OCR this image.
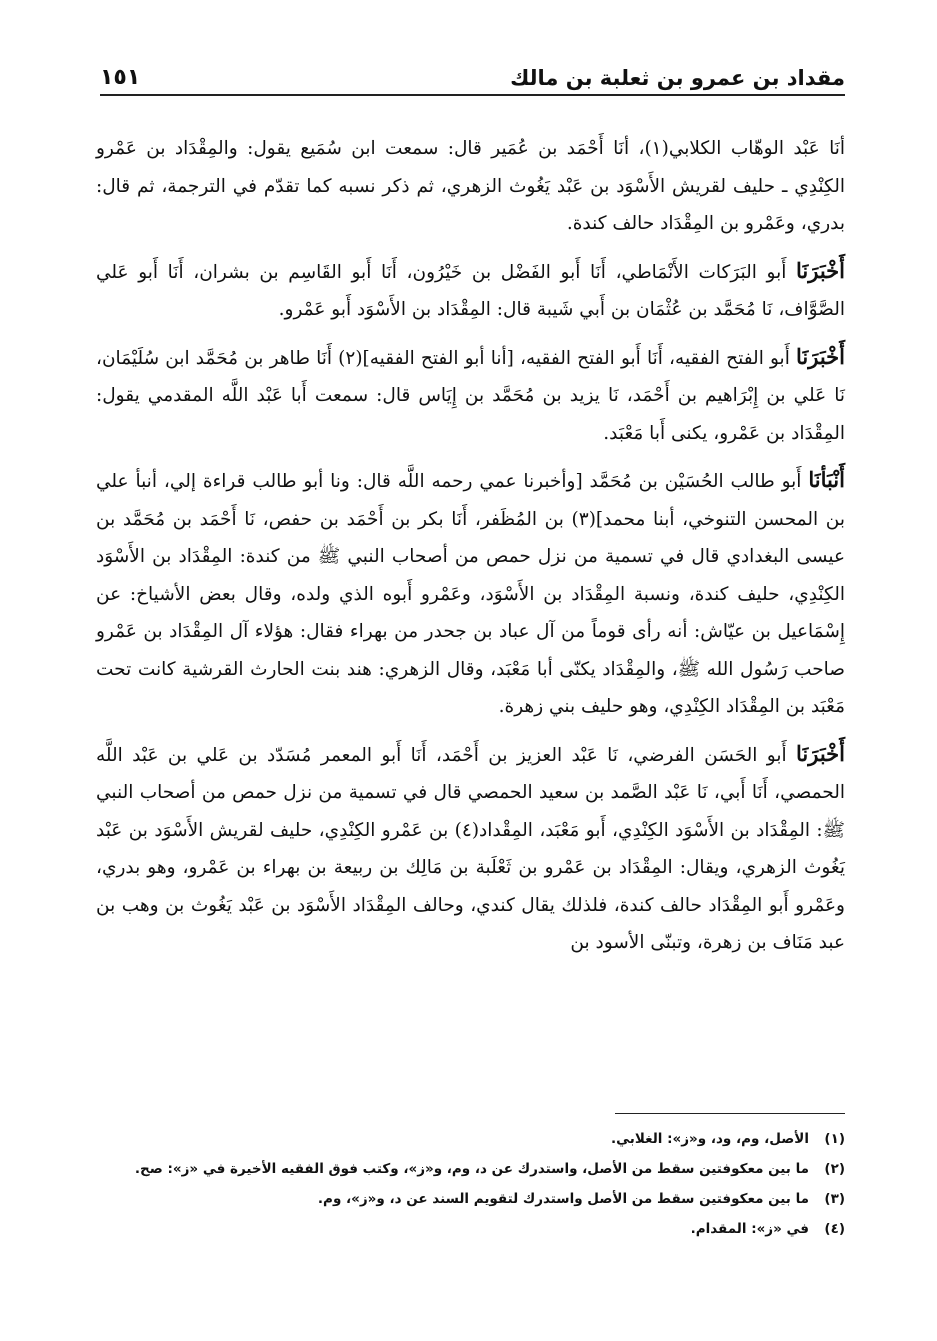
مقداد بن عمرو بن ثعلبة بن مالك
١٥١

أنَا عَبْد الوهّاب الكلابي(١)، أنَا أَحْمَد بن عُمَير قال: سمعت ابن سُمَيع يقول: والمِقْدَاد بن عَمْرو الكِنْدِي ـ حليف لقريش الأَسْوَد بن عَبْد يَغُوث الزهري، ثم ذكر نسبه كما تقدّم في الترجمة، ثم قال: بدري، وعَمْرو بن المِقْدَاد حالف كندة.

أَخْبَرَنَا أَبو البَرَكات الأَنْمَاطي، أَنَا أَبو الفَضْل بن خَيْرُون، أَنَا أَبو القَاسِم بن بشران، أَنَا أَبو عَلي الصَّوَّاف، نَا مُحَمَّد بن عُثْمَان بن أَبي شَيبة قال: المِقْدَاد بن الأَسْوَد أَبو عَمْرو.

أَخْبَرَنَا أَبو الفتح الفقيه، أَنَا أَبو الفتح الفقيه، [أنا أبو الفتح الفقيه](٢) أَنَا طاهر بن مُحَمَّد ابن سُلَيْمَان، نَا عَلي بن إِبْرَاهيم بن أَحْمَد، نَا يزيد بن مُحَمَّد بن إِيَاس قال: سمعت أَبا عَبْد اللَّه المقدمي يقول: المِقْدَاد بن عَمْرو، يكنى أَبا مَعْبَد.

أَنْبَأنَا أَبو طالب الحُسَيْن بن مُحَمَّد [وأخبرنا عمي رحمه اللَّه قال: ونا أبو طالب قراءة إلي، أنبأ علي بن المحسن التنوخي، أبنا محمد](٣) بن المُظَفر، أَنَا بكر بن أَحْمَد بن حفص، نَا أَحْمَد بن مُحَمَّد بن عيسى البغدادي قال في تسمية من نزل حمص من أصحاب النبي ﷺ من كندة: المِقْدَاد بن الأَسْوَد الكِنْدِي، حليف كندة، ونسبة المِقْدَاد بن الأَسْوَد، وعَمْرو أَبوه الذي ولده، وقال بعض الأشياخ: عن إِسْمَاعيل بن عيّاش: أنه رأى قوماً من آل عباد بن جحدر من بهراء فقال: هؤلاء آل المِقْدَاد بن عَمْرو صاحب رَسُول الله ﷺ، والمِقْدَاد يكنّى أبا مَعْبَد، وقال الزهري: هند بنت الحارث القرشية كانت تحت مَعْبَد بن المِقْدَاد الكِنْدِي، وهو حليف بني زهرة.

أَخْبَرَنَا أَبو الحَسَن الفرضي، نَا عَبْد العزيز بن أَحْمَد، أَنَا أَبو المعمر مُسَدّد بن عَلي بن عَبْد اللَّه الحمصي، أَنَا أَبي، نَا عَبْد الصَّمد بن سعيد الحمصي قال في تسمية من نزل حمص من أصحاب النبي ﷺ: المِقْدَاد بن الأَسْوَد الكِنْدِي، أَبو مَعْبَد، المِقْداد(٤) بن عَمْرو الكِنْدِي، حليف لقريش الأَسْوَد بن عَبْد يَغُوث الزهري، ويقال: المِقْدَاد بن عَمْرو بن ثَعْلَبة بن مَالِك بن ربيعة بن بهراء بن عَمْرو، وهو بدري، وعَمْرو أَبو المِقْدَاد حالف كندة، فلذلك يقال كندي، وحالف المِقْدَاد الأَسْوَد بن عَبْد يَغُوث بن وهب بن عبد مَنَاف بن زهرة، وتبنّى الأسود بن

(١)
الأصل، وم، ود، و«ز»: الغلابي.
(٢)
ما بين معكوفتين سقط من الأصل، واستدرك عن د، وم، و«ز»، وكتب فوق الفقيه الأخيرة في «ز»: صح.
(٣)
ما بين معكوفتين سقط من الأصل واستدرك لتقويم السند عن د، و«ز»، وم.
(٤)
في «ز»: المقدام.
